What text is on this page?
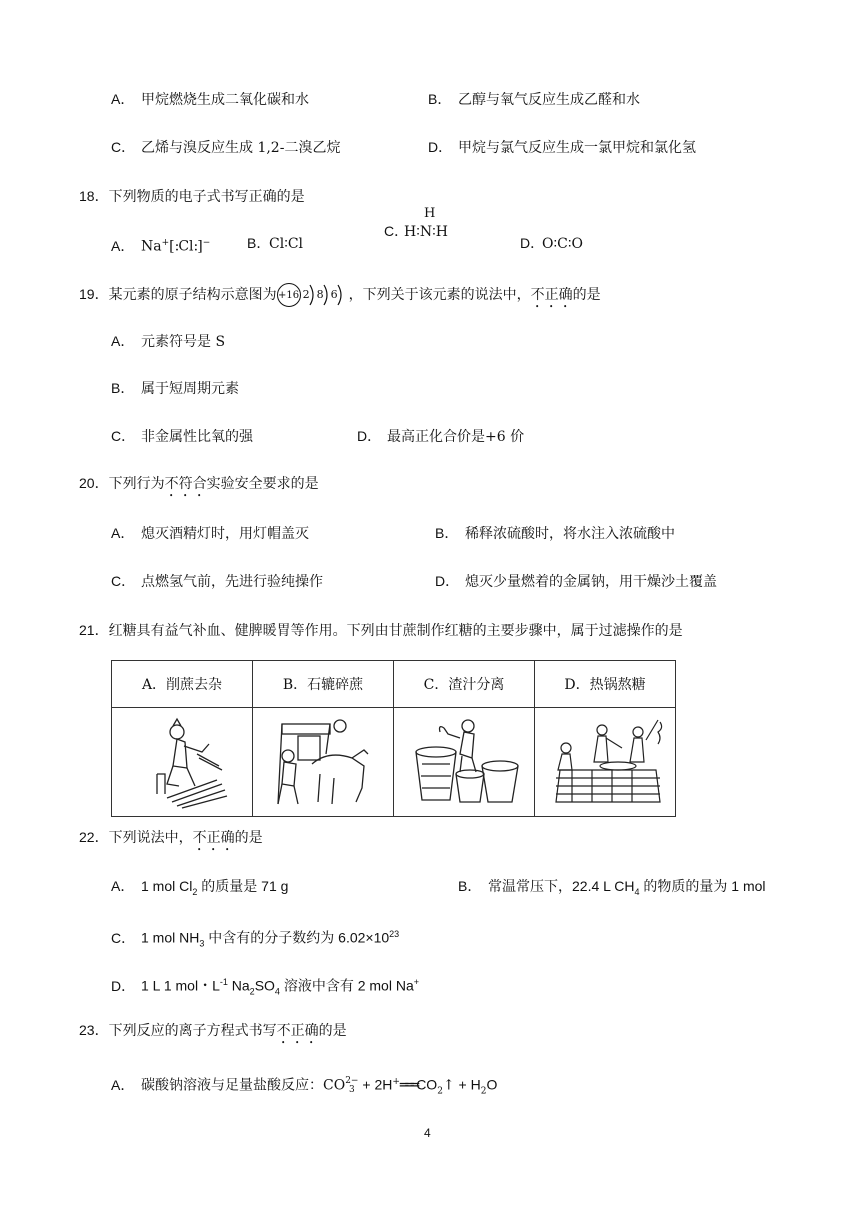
A． 甲烷燃烧生成二氧化碳和水	B． 乙醇与氧气反应生成乙醛和水
C． 乙烯与溴反应生成 1,2-二溴乙烷	D． 甲烷与氯气反应生成一氯甲烷和氯化氢
18．下列物质的电子式书写正确的是
A． Na+[:Cl:]−	B．Cl∶Cl
H
C．H∶N∶H
D．O∶C∶O
19．某元素的原子结构示意图为 +16 2 8 6 ，下列关于该元素的说法中，不正确的是
A． 元素符号是 S
B． 属于短周期元素
C． 非金属性比氧的强	D． 最高正化合价是+6 价
20．下列行为不符合实验安全要求的是
A． 熄灭酒精灯时，用灯帽盖灭	B． 稀释浓硫酸时，将水注入浓硫酸中
C． 点燃氢气前，先进行验纯操作	D． 熄灭少量燃着的金属钠，用干燥沙土覆盖
21．红糖具有益气补血、健脾暖胃等作用。下列由甘蔗制作红糖的主要步骤中，属于过滤操作的是
A．削蔗去杂	B．石辘碎蔗	C．渣汁分离	D．热锅熬糖

22．下列说法中，不正确的是
A． 1 mol $Cl_2$ 的质量是 71 g	B． 常温常压下，22.4 L $CH_4$ 的物质的量为 1 mol
C． 1 mol $NH_3$ 中含有的分子数约为 $6.02\times 10^{23}$
D． 1 L 1 mol・$L^{-1}$ $Na_2SO_4$ 溶液中含有 2 mol Na+
23．下列反应的离子方程式书写不正确的是
A． 碳酸钠溶液与足量盐酸反应：CO 2−
$3 + 2H^+═══CO_2↑ + H_2O$
4
